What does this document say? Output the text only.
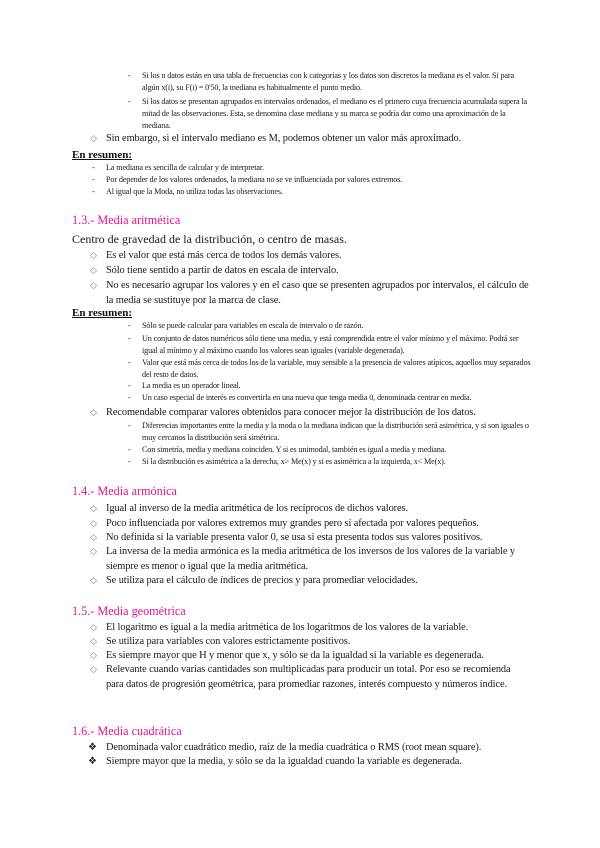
-	Si los n datos están en una tabla de frecuencias con k categorías y los datos son discretos la mediana es el valor. Si para algún x(i), su F(i) = 0'50, la mediana es habitualmente el punto medio.
-	Si los datos se presentan agrupados en intervalos ordenados, el mediano es el primero cuya frecuencia acumulada supera la mitad de las observaciones. Esta, se denomina clase mediana y su marca se podría dar como una aproximación de la mediana.
◇ Sin embargo, si el intervalo mediano es M, podemos obtener un valor más aproximado.
En resumen:
-	La mediana es sencilla de calcular y de interpretar.
-	Por depender de los valores ordenados, la mediana no se ve influenciada por valores extremos.
-	Al igual que la Moda, no utiliza todas las observaciones.
1.3.- Media aritmética
Centro de gravedad de la distribución, o centro de masas.
◇ Es el valor que está más cerca de todos los demás valores.
◇ Sólo tiene sentido a partir de datos en escala de intervalo.
◇ No es necesario agrupar los valores y en el caso que se presenten agrupados por intervalos, el cálculo de la media se sustituye por la marca de clase.
En resumen:
-	Sólo se puede calcular para variables en escala de intervalo o de razón.
-	Un conjunto de datos numéricos sólo tiene una media, y está comprendida entre el valor mínimo y el máximo. Podrá ser igual al mínimo y al máximo cuando los valores sean iguales (variable degenerada).
-	Valor que está más cerca de todos los de la variable, muy sensible a la presencia de valores atípicos, aquellos muy separados del resto de datos.
-	La media es un operador lineal.
-	Un caso especial de interés es convertirla en una nueva que tenga media 0, denominada centrar en media.
◇ Recomendable comparar valores obtenidos para conocer mejor la distribución de los datos.
-	Diferencias importantes entre la media y la moda o la mediana indican que la distribución será asimétrica, y si son iguales o muy cercanos la distribución será simétrica.
-	Con simetría, media y mediana coinciden. Y si es unimodal, también es igual a media y mediana.
-	Si la distribución es asimétrica a la derecha, x> Me(x) y si es asimétrica a la izquierda, x< Me(x).
1.4.- Media armónica
◇ Igual al inverso de la media aritmética de los recíprocos de dichos valores.
◇ Poco influenciada por valores extremos muy grandes pero sí afectada por valores pequeños.
◇ No definida si la variable presenta valor 0, se usa si esta presenta todos sus valores positivos.
◇ La inversa de la media armónica es la media aritmética de los inversos de los valores de la variable y siempre es menor o igual que la media aritmética.
◇ Se utiliza para el cálculo de índices de precios y para promediar velocidades.
1.5.- Media geométrica
◇ El logaritmo es igual a la media aritmética de los logaritmos de los valores de la variable.
◇ Se utiliza para variables con valores estrictamente positivos.
◇ Es siempre mayor que H y menor que x, y sólo se da la igualdad si la variable es degenerada.
◇ Relevante cuando varias cantidades son multiplicadas para producir un total. Por eso se recomienda para datos de progresión geométrica, para promediar razones, interés compuesto y números índice.
1.6.- Media cuadrática
❖ Denominada valor cuadrático medio, raíz de la media cuadrática o RMS (root mean square).
❖ Siempre mayor que la media, y sólo se da la igualdad cuando la variable es degenerada.
